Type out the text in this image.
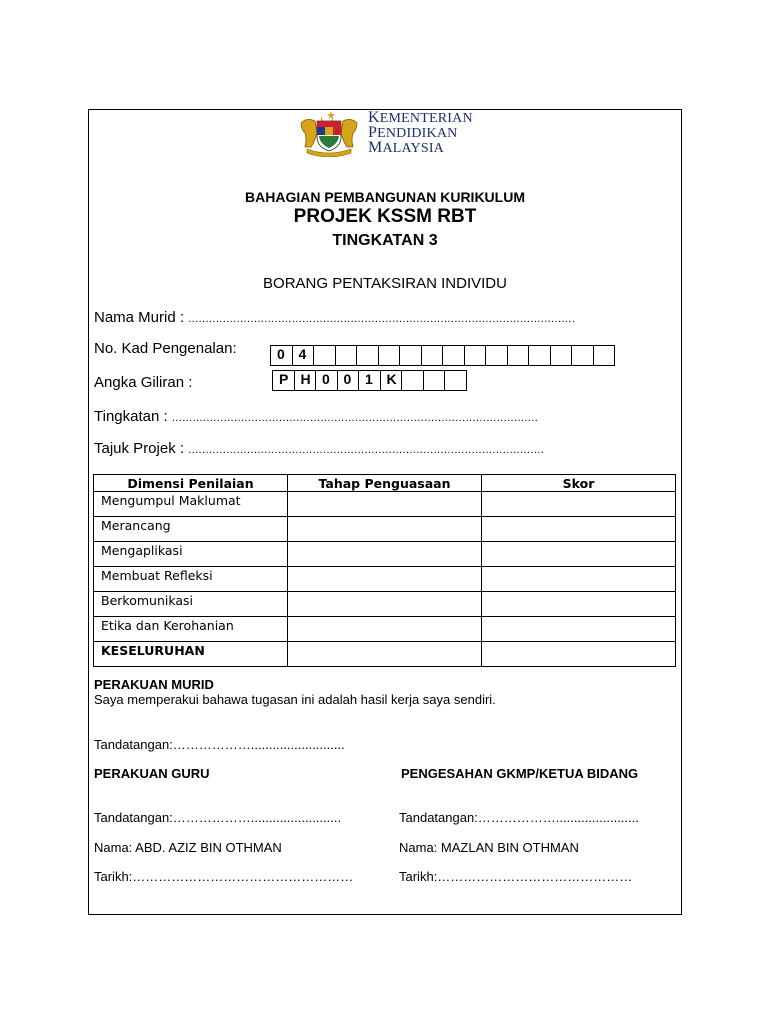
KEMENTERIAN
PENDIDIKAN
MALAYSIA
BAHAGIAN PEMBANGUNAN KURIKULUM
PROJEK KSSM RBT
TINGKATAN 3
BORANG PENTAKSIRAN INDIVIDU
Nama Murid : ................................................................................................................
No. Kad Pengenalan:	0 4
Angka Giliran :	P H 0 0 1 K
Tingkatan : ..........................................................................................................
Tajuk Projek : .......................................................................................................
Dimensi Penilaian	Tahap Penguasaan	Skor
Mengumpul Maklumat		
Merancang		
Mengaplikasi		
Membuat Refleksi		
Berkomunikasi		
Etika dan Kerohanian		
KESELURUHAN		
PERAKUAN MURID
Saya memperakui bahawa tugasan ini adalah hasil kerja saya sendiri.
Tandatangan:………………..........................
PERAKUAN GURU	PENGESAHAN GKMP/KETUA BIDANG
Tandatangan:……………….........................	Tandatangan:……………….......................
Nama: ABD. AZIZ BIN OTHMAN	Nama: MAZLAN BIN OTHMAN
Tarikh:……………………………………………	Tarikh:………………………………………
